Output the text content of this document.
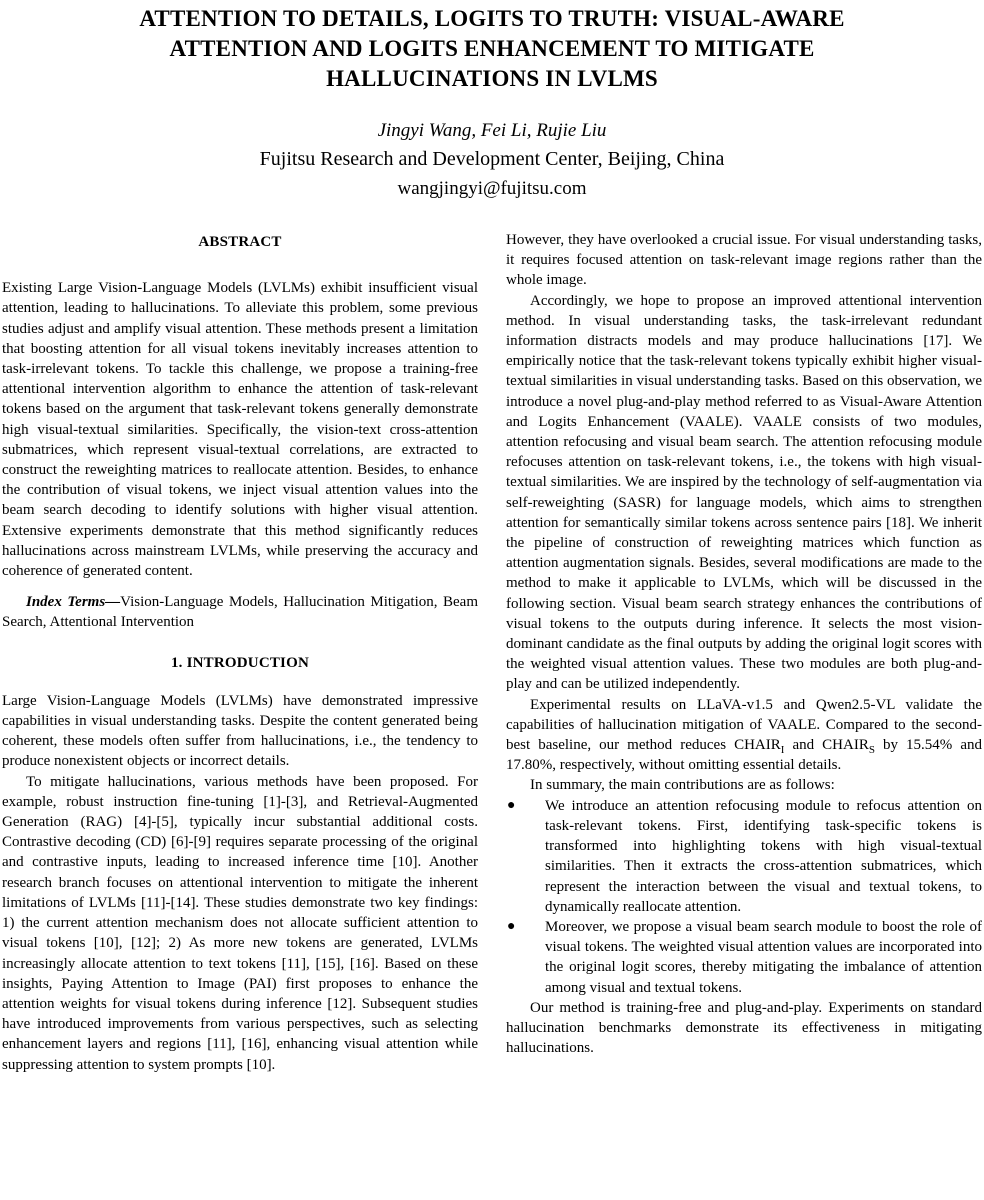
ATTENTION TO DETAILS, LOGITS TO TRUTH: VISUAL-AWARE
ATTENTION AND LOGITS ENHANCEMENT TO MITIGATE
HALLUCINATIONS IN LVLMS
Jingyi Wang, Fei Li, Rujie Liu
Fujitsu Research and Development Center, Beijing, China
wangjingyi@fujitsu.com
ABSTRACT

Existing Large Vision-Language Models (LVLMs) exhibit insufficient visual attention, leading to hallucinations. To alleviate this problem, some previous studies adjust and amplify visual attention. These methods present a limitation that boosting attention for all visual tokens inevitably increases attention to task-irrelevant tokens. To tackle this challenge, we propose a training-free attentional intervention algorithm to enhance the attention of task-relevant tokens based on the argument that task-relevant tokens generally demonstrate high visual-textual similarities. Specifically, the vision-text cross-attention submatrices, which represent visual-textual correlations, are extracted to construct the reweighting matrices to reallocate attention. Besides, to enhance the contribution of visual tokens, we inject visual attention values into the beam search decoding to identify solutions with higher visual attention. Extensive experiments demonstrate that this method significantly reduces hallucinations across mainstream LVLMs, while preserving the accuracy and coherence of generated content.

Index Terms—Vision-Language Models, Hallucination Mitigation, Beam Search, Attentional Intervention

1. INTRODUCTION

Large Vision-Language Models (LVLMs) have demonstrated impressive capabilities in visual understanding tasks. Despite the content generated being coherent, these models often suffer from hallucinations, i.e., the tendency to produce nonexistent objects or incorrect details.

To mitigate hallucinations, various methods have been proposed. For example, robust instruction fine-tuning [1]-[3], and Retrieval-Augmented Generation (RAG) [4]-[5], typically incur substantial additional costs. Contrastive decoding (CD) [6]-[9] requires separate processing of the original and contrastive inputs, leading to increased inference time [10]. Another research branch focuses on attentional intervention to mitigate the inherent limitations of LVLMs [11]-[14]. These studies demonstrate two key findings: 1) the current attention mechanism does not allocate sufficient attention to visual tokens [10], [12]; 2) As more new tokens are generated, LVLMs increasingly allocate attention to text tokens [11], [15], [16]. Based on these insights, Paying Attention to Image (PAI) first proposes to enhance the attention weights for visual tokens during inference [12]. Subsequent studies have introduced improvements from various perspectives, such as selecting enhancement layers and regions [11], [16], enhancing visual attention while suppressing attention to system prompts [10].

However, they have overlooked a crucial issue. For visual understanding tasks, it requires focused attention on task-relevant image regions rather than the whole image.

Accordingly, we hope to propose an improved attentional intervention method. In visual understanding tasks, the task-irrelevant redundant information distracts models and may produce hallucinations [17]. We empirically notice that the task-relevant tokens typically exhibit higher visual-textual similarities in visual understanding tasks. Based on this observation, we introduce a novel plug-and-play method referred to as Visual-Aware Attention and Logits Enhancement (VAALE). VAALE consists of two modules, attention refocusing and visual beam search. The attention refocusing module refocuses attention on task-relevant tokens, i.e., the tokens with high visual-textual similarities. We are inspired by the technology of self-augmentation via self-reweighting (SASR) for language models, which aims to strengthen attention for semantically similar tokens across sentence pairs [18]. We inherit the pipeline of construction of reweighting matrices which function as attention augmentation signals. Besides, several modifications are made to the method to make it applicable to LVLMs, which will be discussed in the following section. Visual beam search strategy enhances the contributions of visual tokens to the outputs during inference. It selects the most vision-dominant candidate as the final outputs by adding the original logit scores with the weighted visual attention values. These two modules are both plug-and-play and can be utilized independently.

Experimental results on LLaVA-v1.5 and Qwen2.5-VL validate the capabilities of hallucination mitigation of VAALE. Compared to the second-best baseline, our method reduces $CHAIR_I$ and $CHAIR_S$ by 15.54% and 17.80%, respectively, without omitting essential details.

In summary, the main contributions are as follows:

● We introduce an attention refocusing module to refocus attention on task-relevant tokens. First, identifying task-specific tokens is transformed into highlighting tokens with high visual-textual similarities. Then it extracts the cross-attention submatrices, which represent the interaction between the visual and textual tokens, to dynamically reallocate attention.
● Moreover, we propose a visual beam search module to boost the role of visual tokens. The weighted visual attention values are incorporated into the original logit scores, thereby mitigating the imbalance of attention among visual and textual tokens.

Our method is training-free and plug-and-play. Experiments on standard hallucination benchmarks demonstrate its effectiveness in mitigating hallucinations.
